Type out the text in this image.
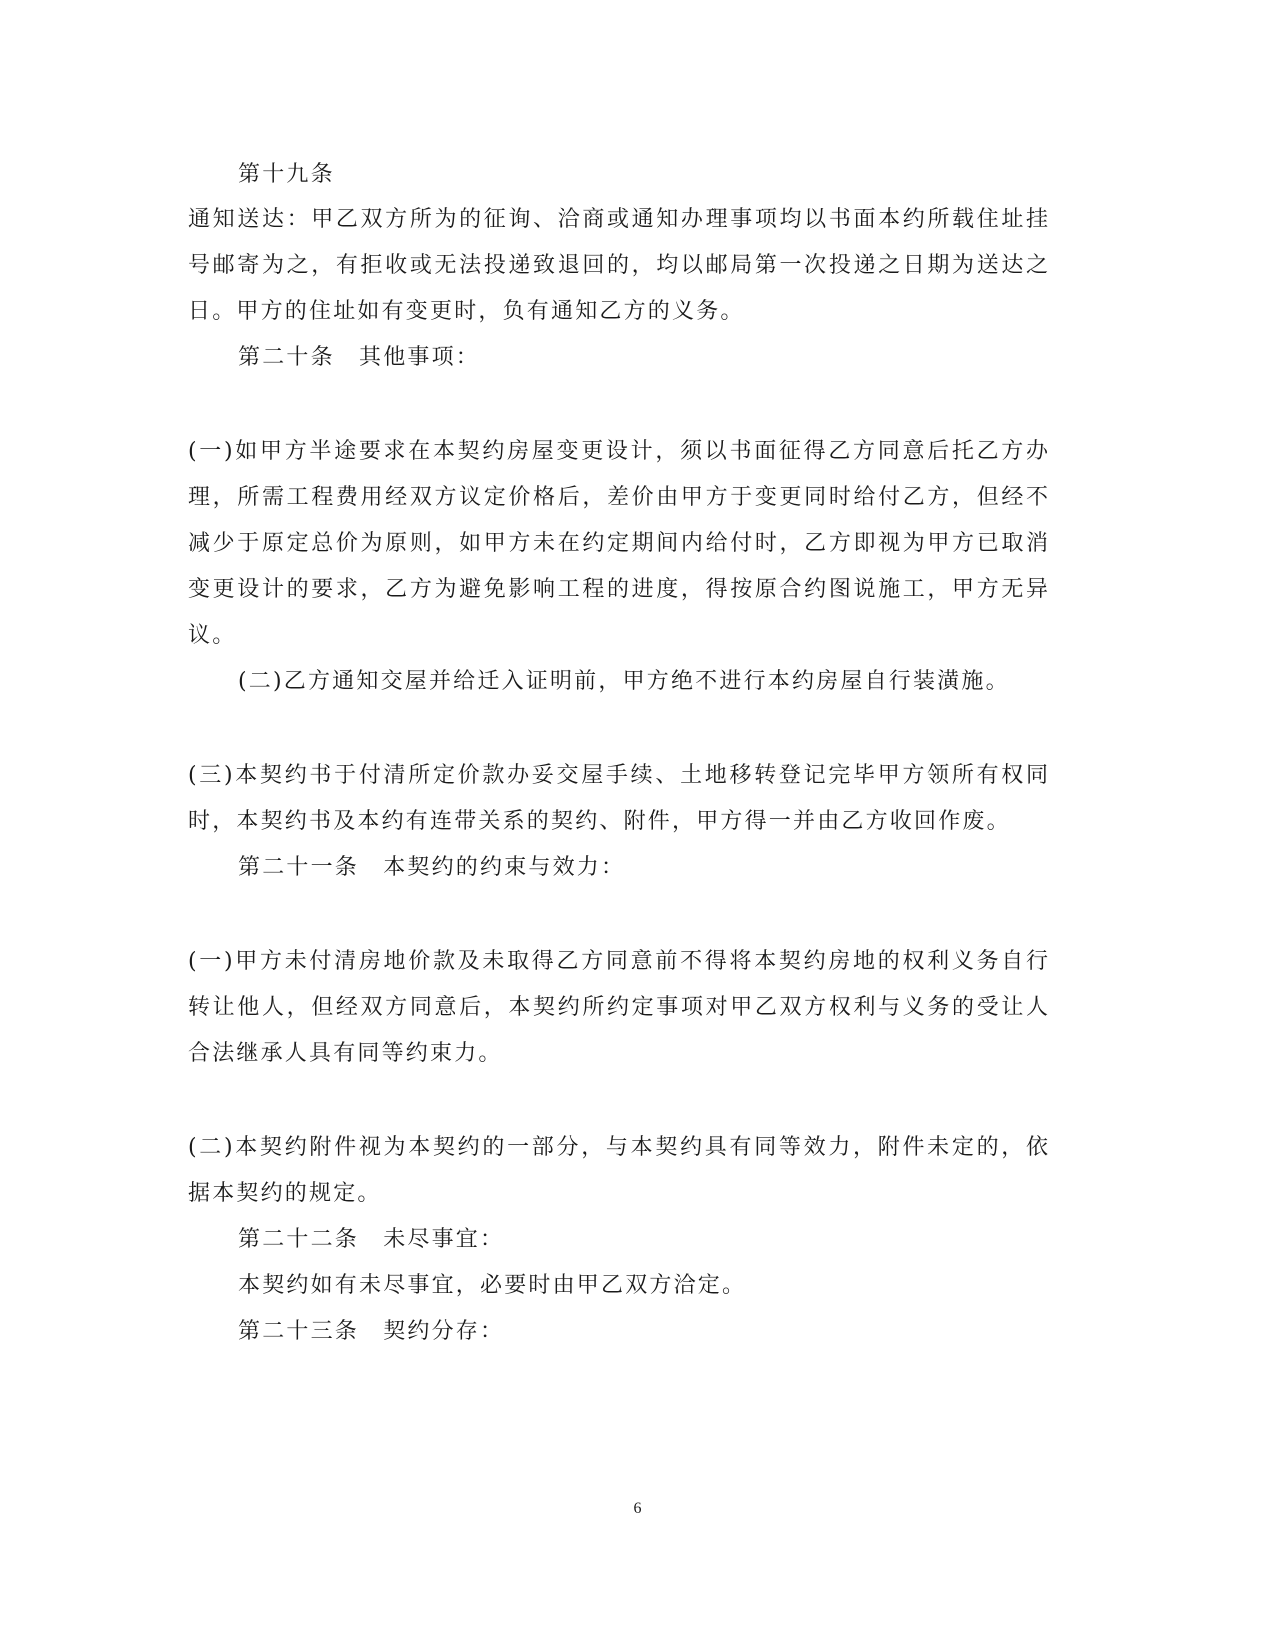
第十九条
通知送达：甲乙双方所为的征询、洽商或通知办理事项均以书面本约所载住址挂
号邮寄为之，有拒收或无法投递致退回的，均以邮局第一次投递之日期为送达之
日。甲方的住址如有变更时，负有通知乙方的义务。
第二十条　其他事项：
(一)如甲方半途要求在本契约房屋变更设计，须以书面征得乙方同意后托乙方办
理，所需工程费用经双方议定价格后，差价由甲方于变更同时给付乙方，但经不
减少于原定总价为原则，如甲方未在约定期间内给付时，乙方即视为甲方已取消
变更设计的要求，乙方为避免影响工程的进度，得按原合约图说施工，甲方无异
议。
(二)乙方通知交屋并给迁入证明前，甲方绝不进行本约房屋自行装潢施。
(三)本契约书于付清所定价款办妥交屋手续、土地移转登记完毕甲方领所有权同
时，本契约书及本约有连带关系的契约、附件，甲方得一并由乙方收回作废。
第二十一条　本契约的约束与效力：
(一)甲方未付清房地价款及未取得乙方同意前不得将本契约房地的权利义务自行
转让他人，但经双方同意后，本契约所约定事项对甲乙双方权利与义务的受让人
合法继承人具有同等约束力。
(二)本契约附件视为本契约的一部分，与本契约具有同等效力，附件未定的，依
据本契约的规定。
第二十二条　未尽事宜：
本契约如有未尽事宜，必要时由甲乙双方洽定。
第二十三条　契约分存：
6
